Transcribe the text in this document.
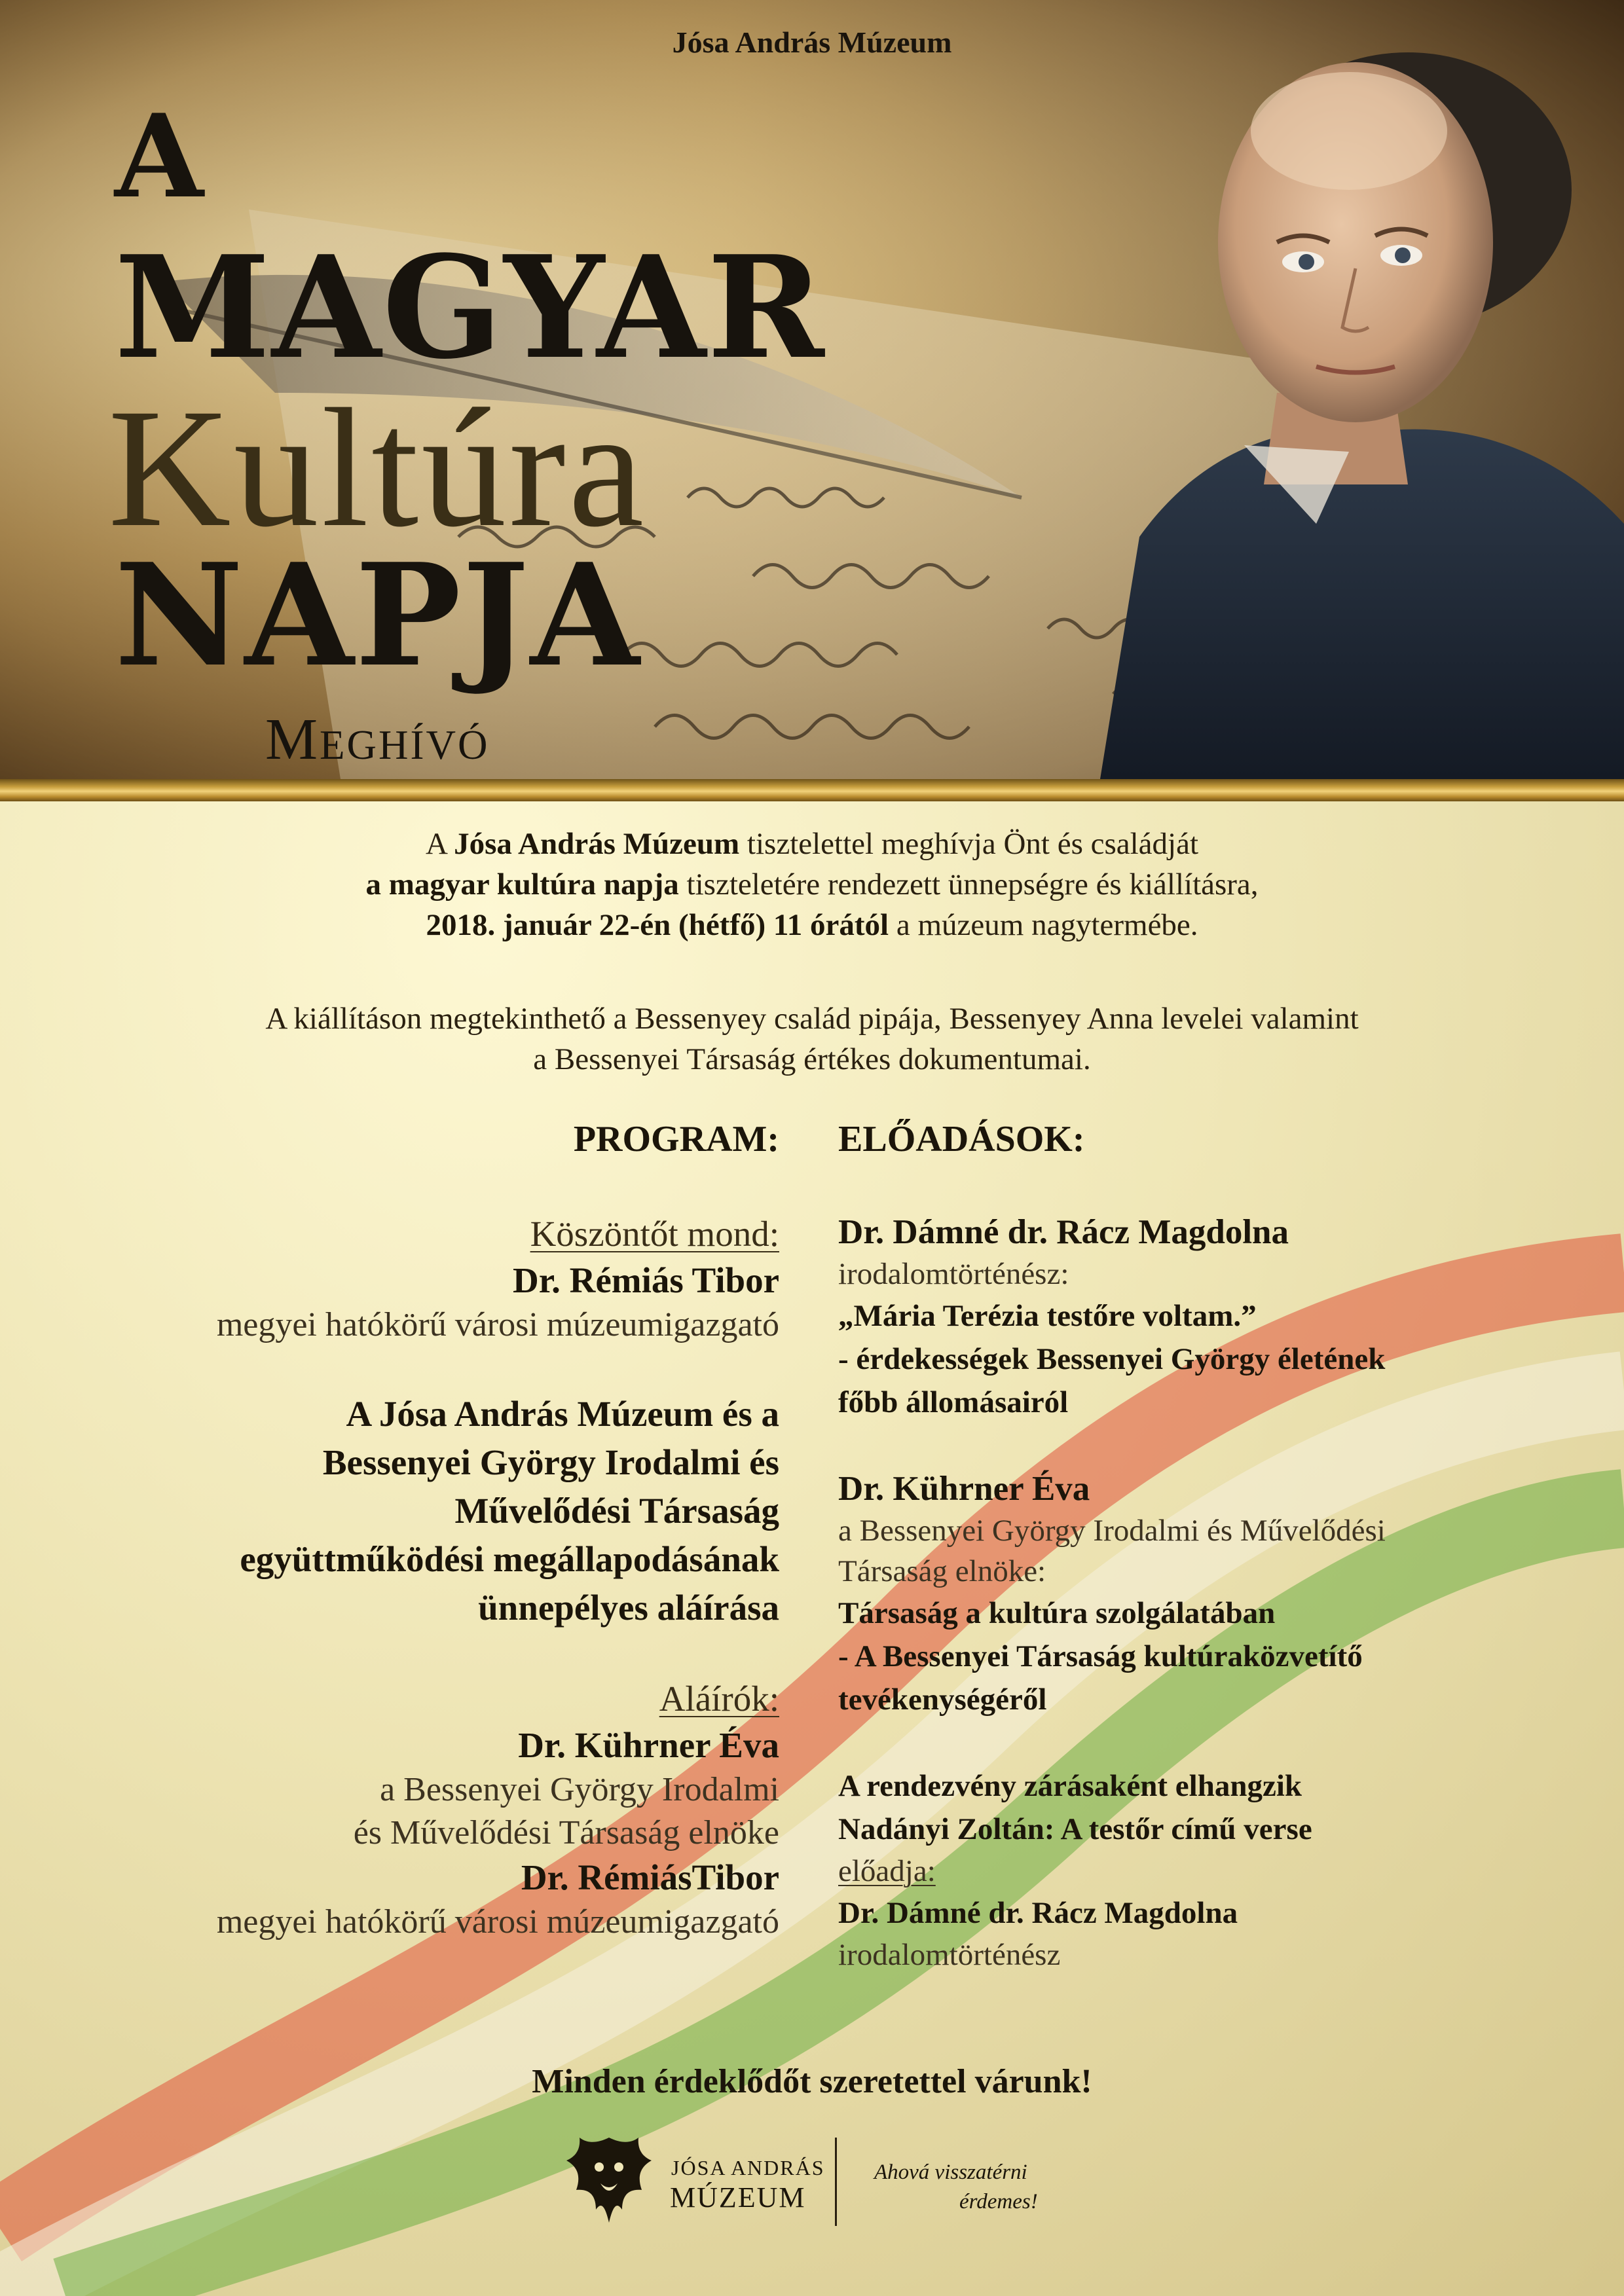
Jósa András Múzeum
A
MAGYAR
Kultúra
NAPJA
Meghívó
A Jósa András Múzeum tisztelettel meghívja Önt és családját
a magyar kultúra napja tiszteletére rendezett ünnepségre és kiállításra,
2018. január 22-én (hétfő) 11 órától a múzeum nagytermébe.
A kiállításon megtekinthető a Bessenyey család pipája, Bessenyey Anna levelei valamint
a Bessenyei Társaság értékes dokumentumai.
PROGRAM:
Köszöntőt mond:
Dr. Rémiás Tibor
megyei hatókörű városi múzeumigazgató
A Jósa András Múzeum és a
Bessenyei György Irodalmi és
Művelődési Társaság
együttműködési megállapodásának
ünnepélyes aláírása
Aláírók:
Dr. Kührner Éva
a Bessenyei György Irodalmi
és Művelődési Társaság elnöke
Dr. RémiásTibor
megyei hatókörű városi múzeumigazgató
ELŐADÁSOK:
Dr. Dámné dr. Rácz Magdolna
irodalomtörténész:
„Mária Terézia testőre voltam.”
- érdekességek Bessenyei György életének
főbb állomásairól
Dr. Kührner Éva
a Bessenyei György Irodalmi és Művelődési
Társaság elnöke:
Társaság a kultúra szolgálatában
- A Bessenyei Társaság kultúraközvetítő
tevékenységéről
A rendezvény zárásaként elhangzik
Nadányi Zoltán: A testőr című verse
előadja:
Dr. Dámné dr. Rácz Magdolna
irodalomtörténész
Minden érdeklődőt szeretettel várunk!
JÓSA ANDRÁS
MÚZEUM
Ahová visszatérni
érdemes!
